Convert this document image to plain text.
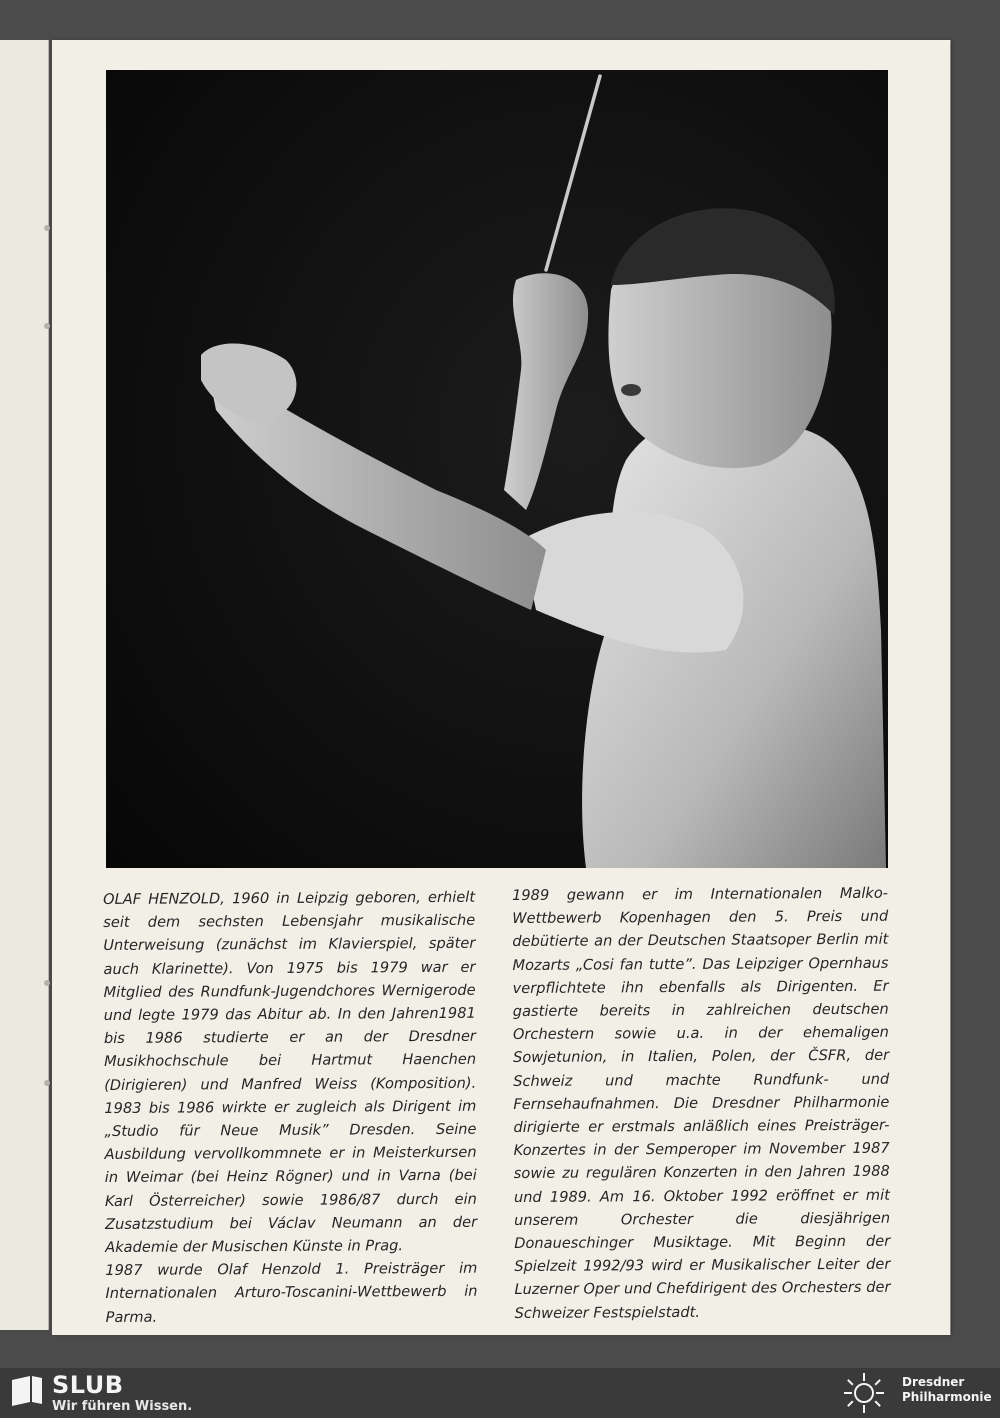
OLAF HENZOLD, 1960 in Leipzig geboren, erhielt seit dem sechsten Lebensjahr musikalische Unterweisung (zunächst im Klavierspiel, später auch Klarinette). Von 1975 bis 1979 war er Mitglied des Rundfunk-Jugendchores Wernigerode und legte 1979 das Abitur ab. In den Jahren1981 bis 1986 studierte er an der Dresdner Musikhochschule bei Hartmut Haenchen (Dirigieren) und Manfred Weiss (Komposition). 1983 bis 1986 wirkte er zugleich als Dirigent im „Studio für Neue Musik” Dresden. Seine Ausbildung vervollkommnete er in Meisterkursen in Weimar (bei Heinz Rögner) und in Varna (bei Karl Österreicher) sowie 1986/87 durch ein Zusatzstudium bei Václav Neumann an der Akademie der Musischen Künste in Prag.

1987 wurde Olaf Henzold 1. Preisträger im Internationalen Arturo-Toscanini-Wettbewerb in Parma.

1989 gewann er im Internationalen Malko-Wettbewerb Kopenhagen den 5. Preis und debütierte an der Deutschen Staatsoper Berlin mit Mozarts „Cosi fan tutte”. Das Leipziger Opernhaus verpflichtete ihn ebenfalls als Dirigenten. Er gastierte bereits in zahlreichen deutschen Orchestern sowie u.a. in der ehemaligen Sowjetunion, in Italien, Polen, der ČSFR, der Schweiz und machte Rundfunk- und Fernsehaufnahmen. Die Dresdner Philharmonie dirigierte er erstmals anläßlich eines Preisträger-Konzertes in der Semperoper im November 1987 sowie zu regulären Konzerten in den Jahren 1988 und 1989. Am 16. Oktober 1992 eröffnet er mit unserem Orchester die diesjährigen Donaueschinger Musiktage. Mit Beginn der Spielzeit 1992/93 wird er Musikalischer Leiter der Luzerner Oper und Chefdirigent des Orchesters der Schweizer Festspielstadt.

SLUB
Wir führen Wissen.
Dresdner
Philharmonie
